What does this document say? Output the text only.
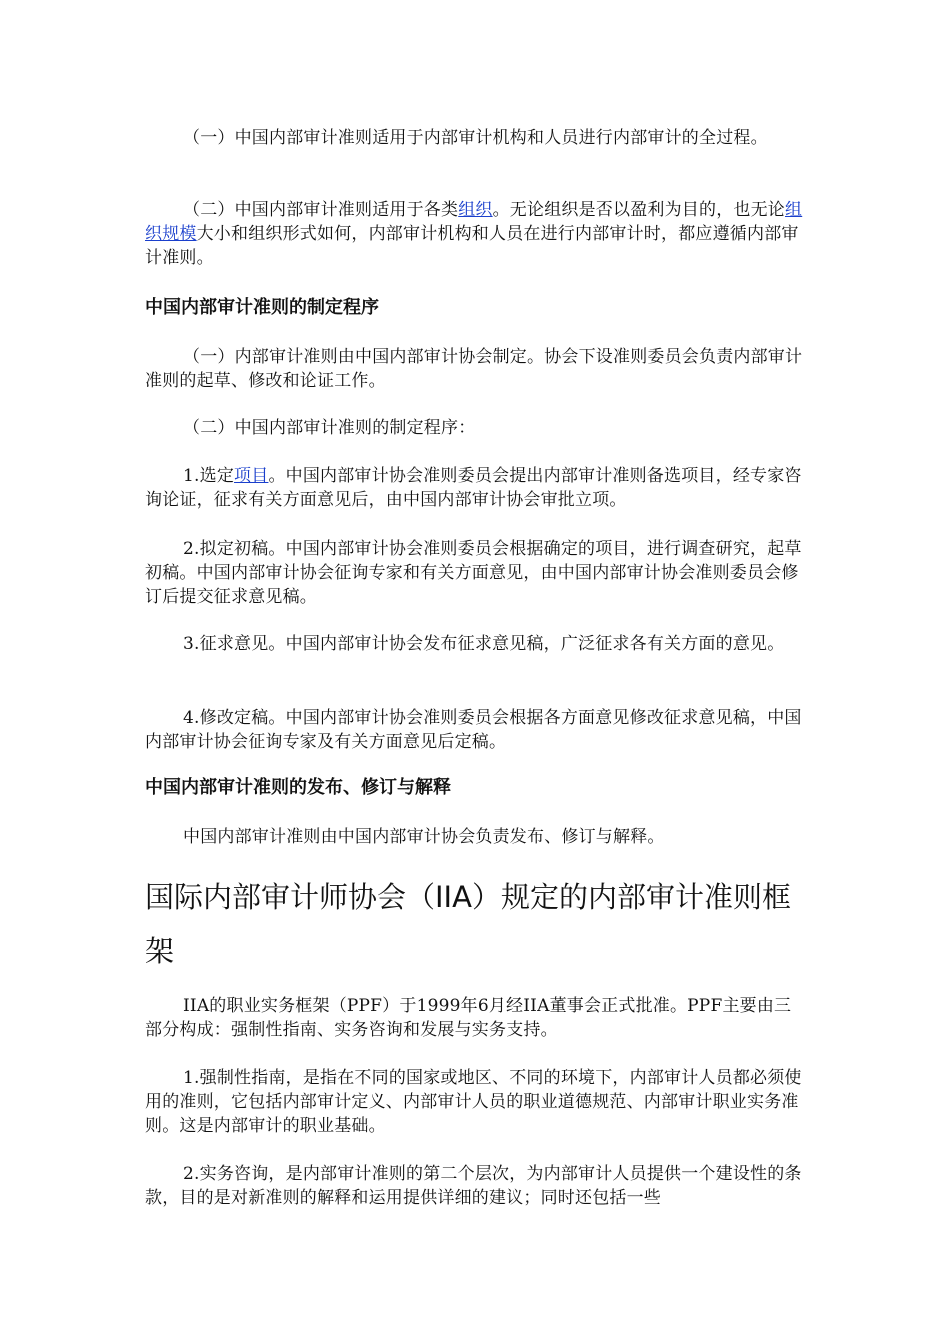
（一）中国内部审计准则适用于内部审计机构和人员进行内部审计的全过程。

（二）中国内部审计准则适用于各类组织。无论组织是否以盈利为目的，也无论组织规模大小和组织形式如何，内部审计机构和人员在进行内部审计时，都应遵循内部审计准则。

中国内部审计准则的制定程序

（一）内部审计准则由中国内部审计协会制定。协会下设准则委员会负责内部审计准则的起草、修改和论证工作。

（二）中国内部审计准则的制定程序：

1.选定项目。中国内部审计协会准则委员会提出内部审计准则备选项目，经专家咨询论证，征求有关方面意见后，由中国内部审计协会审批立项。

2.拟定初稿。中国内部审计协会准则委员会根据确定的项目，进行调查研究，起草初稿。中国内部审计协会征询专家和有关方面意见，由中国内部审计协会准则委员会修订后提交征求意见稿。

3.征求意见。中国内部审计协会发布征求意见稿，广泛征求各有关方面的意见。

4.修改定稿。中国内部审计协会准则委员会根据各方面意见修改征求意见稿，中国内部审计协会征询专家及有关方面意见后定稿。

中国内部审计准则的发布、修订与解释

中国内部审计准则由中国内部审计协会负责发布、修订与解释。

国际内部审计师协会（IIA）规定的内部审计准则框架

IIA的职业实务框架（PPF）于1999年6月经IIA董事会正式批准。PPF主要由三部分构成：强制性指南、实务咨询和发展与实务支持。

1.强制性指南，是指在不同的国家或地区、不同的环境下，内部审计人员都必须使用的准则，它包括内部审计定义、内部审计人员的职业道德规范、内部审计职业实务准则。这是内部审计的职业基础。

2.实务咨询，是内部审计准则的第二个层次，为内部审计人员提供一个建设性的条款，目的是对新准则的解释和运用提供详细的建议；同时还包括一些
